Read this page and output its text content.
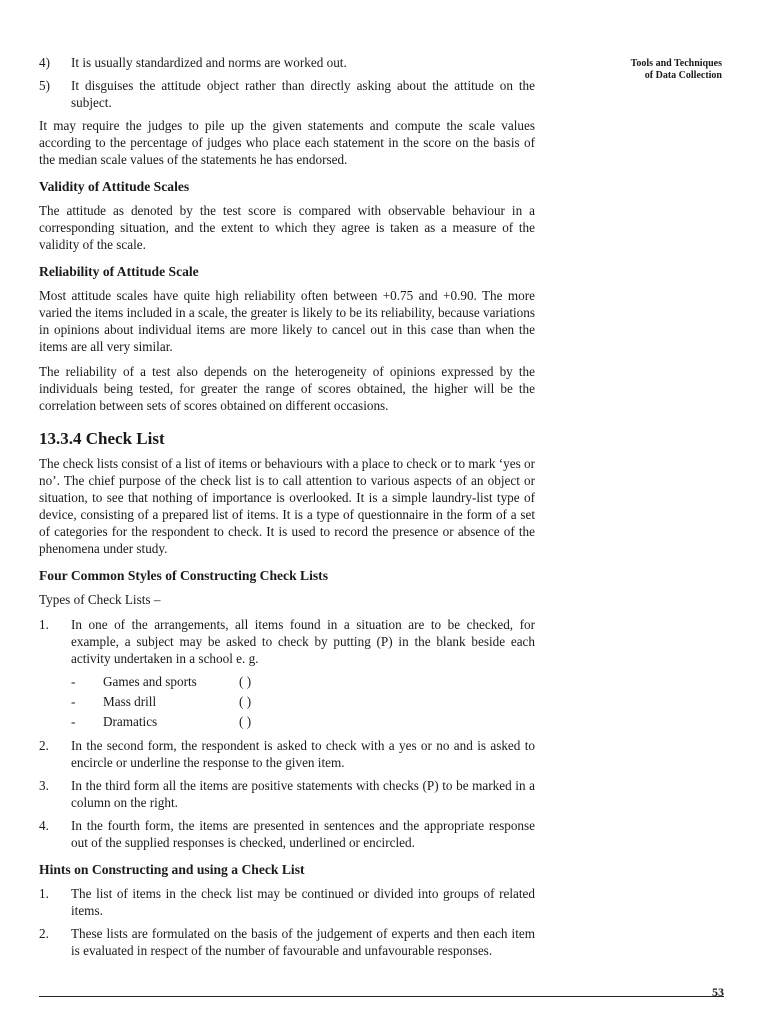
Tools and Techniques
of Data Collection
4)	It is usually standardized and norms are worked out.
5)	It disguises the attitude object rather than directly asking about the attitude on the subject.

It may require the judges to pile up the given statements and compute the scale values according to the percentage of judges who place each statement in the score on the basis of the median scale values of the statements he has endorsed.

Validity of Attitude Scales

The attitude as denoted by the test score is compared with observable behaviour in a corresponding situation, and the extent to which they agree is taken as a measure of the validity of the scale.

Reliability of Attitude Scale

Most attitude scales have quite high reliability often between +0.75 and +0.90. The more varied the items included in a scale, the greater is likely to be its reliability, because variations in opinions about individual items are more likely to cancel out in this case than when the items are all very similar.

The reliability of a test also depends on the heterogeneity of opinions expressed by the individuals being tested, for greater the range of scores obtained, the higher will be the correlation between sets of scores obtained on different occasions.

13.3.4 Check List

The check lists consist of a list of items or behaviours with a place to check or to mark ‘yes or no’. The chief purpose of the check list is to call attention to various aspects of an object or situation, to see that nothing of importance is overlooked. It is a simple laundry-list type of device, consisting of a prepared list of items. It is a type of questionnaire in the form of a set of categories for the respondent to check. It is used to record the presence or absence of the phenomena under study.

Four Common Styles of Constructing Check Lists

Types of Check Lists –

1.	In one of the arrangements, all items found in a situation are to be checked, for example, a subject may be asked to check by putting (P) in the blank beside each activity undertaken in a school e. g.
-	Games and sports	( )
-	Mass drill	( )
-	Dramatics	( )
2.	In the second form, the respondent is asked to check with a yes or no and is asked to encircle or underline the response to the given item.
3.	In the third form all the items are positive statements with checks (P) to be marked in a column on the right.
4.	In the fourth form, the items are presented in sentences and the appropriate response out of the supplied responses is checked, underlined or encircled.
Hints on Constructing and using a Check List
1.	The list of items in the check list may be continued or divided into groups of related items.
2.	These lists are formulated on the basis of the judgement of experts and then each item is evaluated in respect of the number of favourable and unfavourable responses.
53
